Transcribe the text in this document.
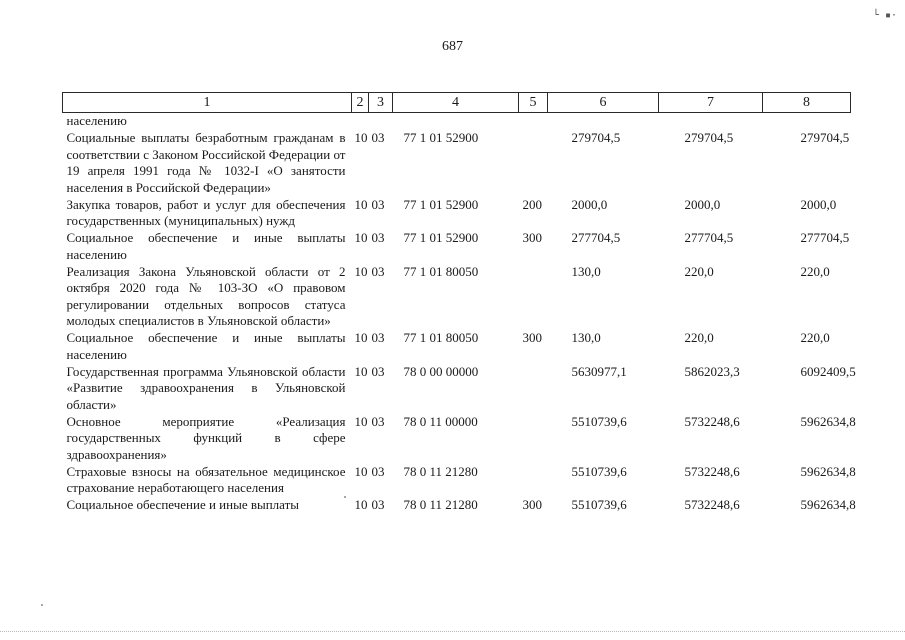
└ ▪·
687
1	2	3	4	5	6	7	8
населению							
Социальные выплаты безработным гражданам в соответствии с Законом Российской Федерации от 19 апреля 1991 года № 1032-I «О занятости населения в Российской Федерации»	10	03	77 1 01 52900		279704,5	279704,5	279704,5
Закупка товаров, работ и услуг для обеспечения государственных (муниципальных) нужд	10	03	77 1 01 52900	200	2000,0	2000,0	2000,0
Социальное обеспечение и иные выплаты населению	10	03	77 1 01 52900	300	277704,5	277704,5	277704,5
Реализация Закона Ульяновской области от 2 октября 2020 года № 103-ЗО «О правовом регулировании отдельных вопросов статуса молодых специалистов в Ульяновской области»	10	03	77 1 01 80050		130,0	220,0	220,0
Социальное обеспечение и иные выплаты населению	10	03	77 1 01 80050	300	130,0	220,0	220,0
Государственная программа Ульяновской области «Развитие здравоохранения в Ульяновской области»	10	03	78 0 00 00000		5630977,1	5862023,3	6092409,5
Основное мероприятие «Реализация государственных функций в сфере здравоохранения»	10	03	78 0 11 00000		5510739,6	5732248,6	5962634,8
Страховые взносы на обязательное медицинское страхование неработающего населения	10	03	78 0 11 21280		5510739,6	5732248,6	5962634,8
Социальное обеспечение и иные выплаты	10	03	78 0 11 21280	300	5510739,6	5732248,6	5962634,8
